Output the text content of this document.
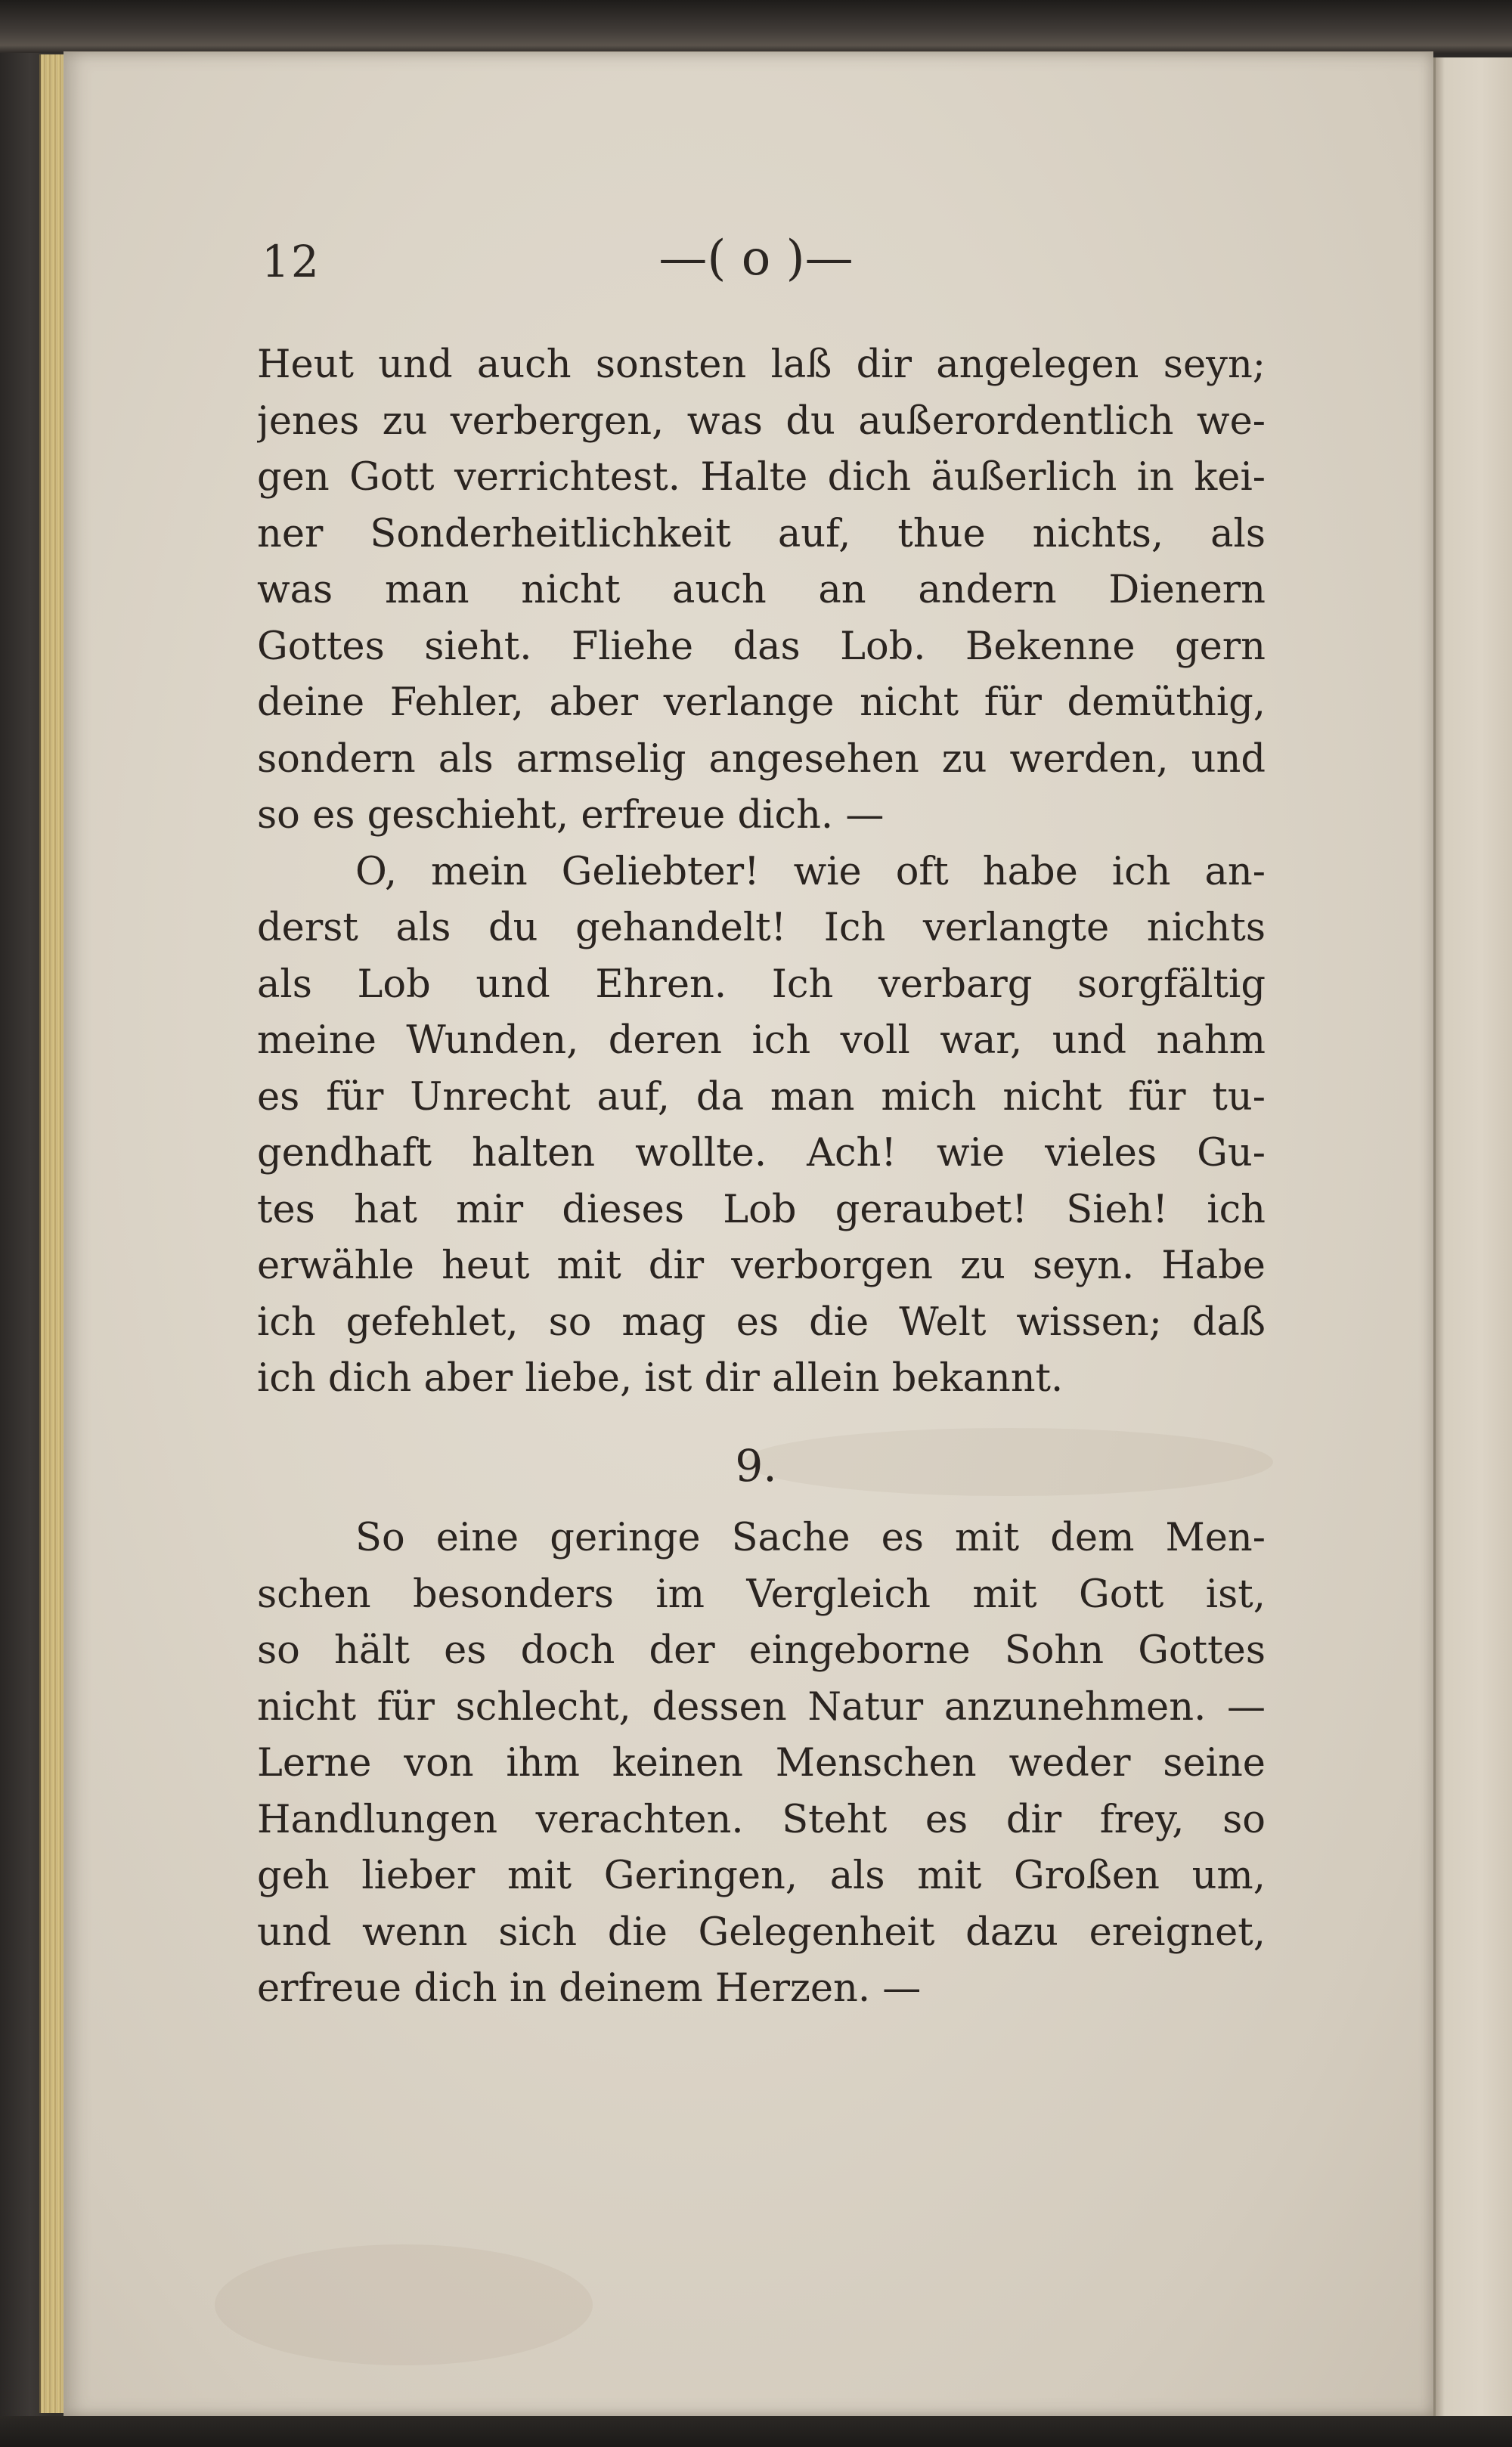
12	—( o )—

Heut und auch sonsten laß dir angelegen seyn;
jenes zu verbergen, was du außerordentlich we-
gen Gott verrichtest. Halte dich äußerlich in kei-
ner Sonderheitlichkeit auf, thue nichts, als
was man nicht auch an andern Dienern
Gottes sieht. Fliehe das Lob. Bekenne gern
deine Fehler, aber verlange nicht für demüthig,
sondern als armselig angesehen zu werden, und
so es geschieht, erfreue dich. —
O, mein Geliebter! wie oft habe ich an-
derst als du gehandelt! Ich verlangte nichts
als Lob und Ehren. Ich verbarg sorgfältig
meine Wunden, deren ich voll war, und nahm
es für Unrecht auf, da man mich nicht für tu-
gendhaft halten wollte. Ach! wie vieles Gu-
tes hat mir dieses Lob geraubet! Sieh! ich
erwähle heut mit dir verborgen zu seyn. Habe
ich gefehlet, so mag es die Welt wissen; daß
ich dich aber liebe, ist dir allein bekannt.

9.

So eine geringe Sache es mit dem Men-
schen besonders im Vergleich mit Gott ist,
so hält es doch der eingeborne Sohn Gottes
nicht für schlecht, dessen Natur anzunehmen. —
Lerne von ihm keinen Menschen weder seine
Handlungen verachten. Steht es dir frey, so
geh lieber mit Geringen, als mit Großen um,
und wenn sich die Gelegenheit dazu ereignet,
erfreue dich in deinem Herzen. —
